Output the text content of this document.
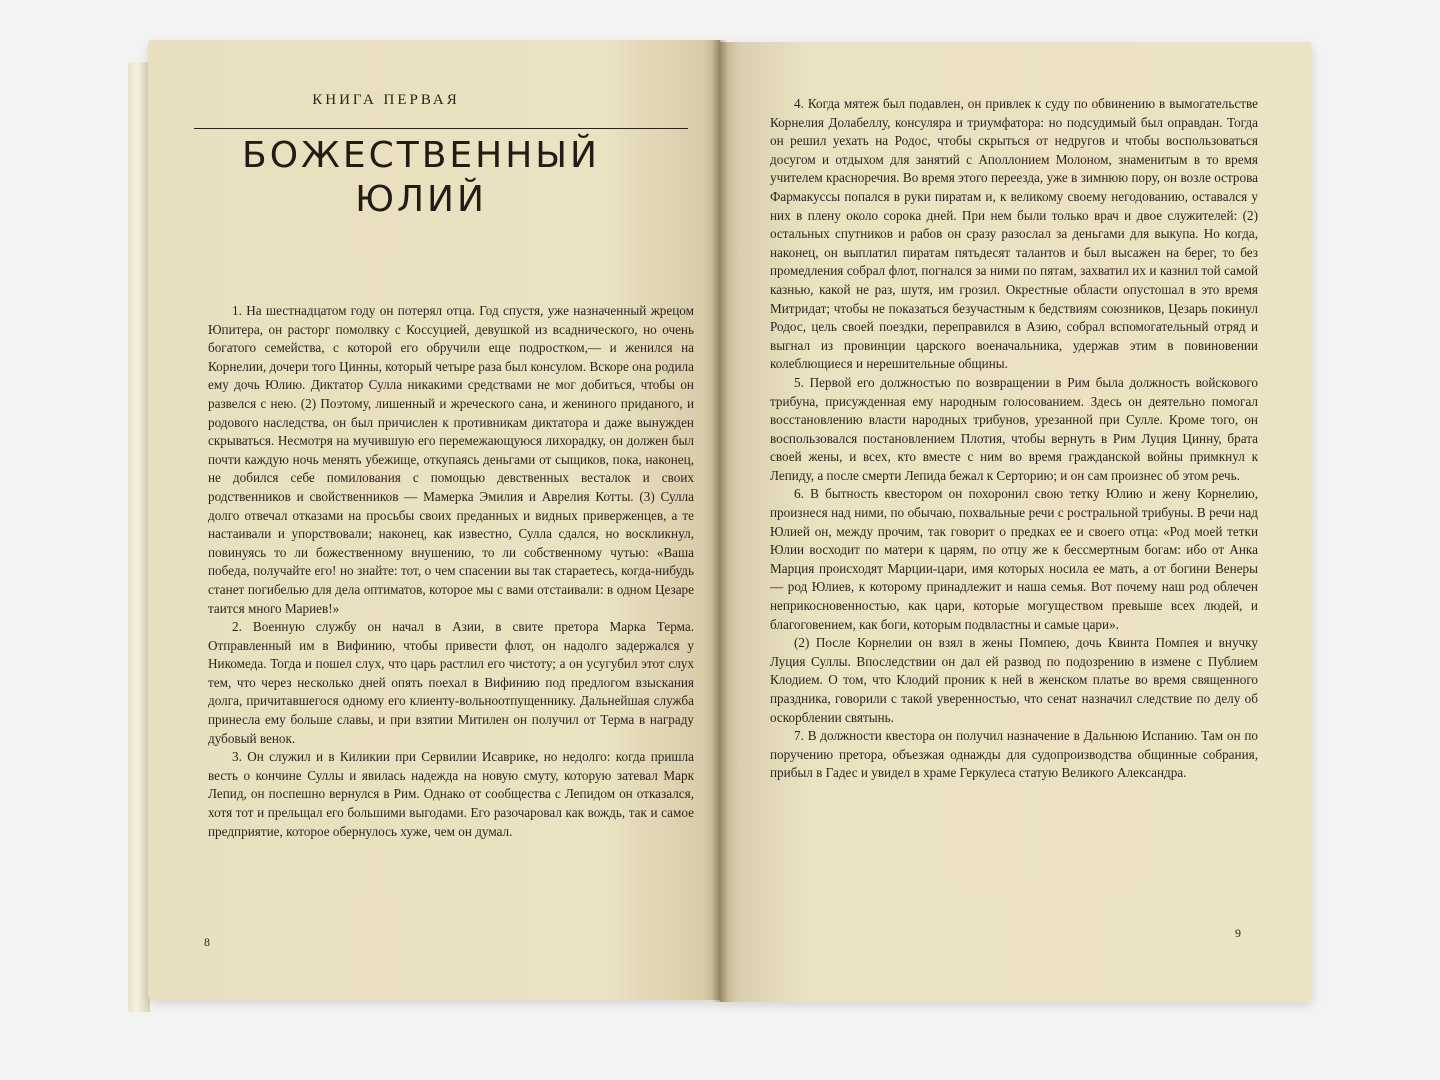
КНИГА ПЕРВАЯ
БОЖЕСТВЕННЫЙ
ЮЛИЙ

1. На шестнадцатом году он потерял отца. Год спустя, уже назначенный жрецом Юпитера, он расторг помолвку с Коссуцией, девушкой из всаднического, но очень богатого семейства, с которой его обручили еще подростком,— и женился на Корнелии, дочери того Цинны, который четыре раза был консулом. Вскоре она родила ему дочь Юлию. Диктатор Сулла никакими средствами не мог добиться, чтобы он развелся с нею. (2) Поэтому, лишенный и жреческого сана, и жениного приданого, и родового наследства, он был причислен к противникам диктатора и даже вынужден скрываться. Несмотря на мучившую его перемежающуюся лихорадку, он должен был почти каждую ночь менять убежище, откупаясь деньгами от сыщиков, пока, наконец, не добился себе помилования с помощью девственных весталок и своих родственников и свойственников — Мамерка Эмилия и Аврелия Котты. (3) Сулла долго отвечал отказами на просьбы своих преданных и видных приверженцев, а те настаивали и упорствовали; наконец, как известно, Сулла сдался, но воскликнул, повинуясь то ли божественному внушению, то ли собственному чутью: «Ваша победа, получайте его! но знайте: тот, о чем спасении вы так стараетесь, когда-нибудь станет погибелью для дела оптиматов, которое мы с вами отстаивали: в одном Цезаре таится много Мариев!»

2. Военную службу он начал в Азии, в свите претора Марка Терма. Отправленный им в Вифинию, чтобы привести флот, он надолго задержался у Никомеда. Тогда и пошел слух, что царь растлил его чистоту; а он усугубил этот слух тем, что через несколько дней опять поехал в Вифинию под предлогом взыскания долга, причитавшегося одному его клиенту-вольноотпущеннику. Дальнейшая служба принесла ему больше славы, и при взятии Митилен он получил от Терма в награду дубовый венок.

3. Он служил и в Киликии при Сервилии Исаврике, но недолго: когда пришла весть о кончине Суллы и явилась надежда на новую смуту, которую затевал Марк Лепид, он поспешно вернулся в Рим. Однако от сообщества с Лепидом он отказался, хотя тот и прельщал его большими выгодами. Его разочаровал как вождь, так и самое предприятие, которое обернулось хуже, чем он думал.

8

4. Когда мятеж был подавлен, он привлек к суду по обвинению в вымогательстве Корнелия Долабеллу, консуляра и триумфатора: но подсудимый был оправдан. Тогда он решил уехать на Родос, чтобы скрыться от недругов и чтобы воспользоваться досугом и отдыхом для занятий с Аполлонием Молоном, знаменитым в то время учителем красноречия. Во время этого переезда, уже в зимнюю пору, он возле острова Фармакуссы попался в руки пиратам и, к великому своему негодованию, оставался у них в плену около сорока дней. При нем были только врач и двое служителей: (2) остальных спутников и рабов он сразу разослал за деньгами для выкупа. Но когда, наконец, он выплатил пиратам пятьдесят талантов и был высажен на берег, то без промедления собрал флот, погнался за ними по пятам, захватил их и казнил той самой казнью, какой не раз, шутя, им грозил. Окрестные области опустошал в это время Митридат; чтобы не показаться безучастным к бедствиям союзников, Цезарь покинул Родос, цель своей поездки, переправился в Азию, собрал вспомогательный отряд и выгнал из провинции царского военачальника, удержав этим в повиновении колеблющиеся и нерешительные общины.

5. Первой его должностью по возвращении в Рим была должность войскового трибуна, присужденная ему народным голосованием. Здесь он деятельно помогал восстановлению власти народных трибунов, урезанной при Сулле. Кроме того, он воспользовался постановлением Плотия, чтобы вернуть в Рим Луция Цинну, брата своей жены, и всех, кто вместе с ним во время гражданской войны примкнул к Лепиду, а после смерти Лепида бежал к Серторию; и он сам произнес об этом речь.

6. В бытность квестором он похоронил свою тетку Юлию и жену Корнелию, произнеся над ними, по обычаю, похвальные речи с ростральной трибуны. В речи над Юлией он, между прочим, так говорит о предках ее и своего отца: «Род моей тетки Юлии восходит по матери к царям, по отцу же к бессмертным богам: ибо от Анка Марция происходят Марции-цари, имя которых носила ее мать, а от богини Венеры — род Юлиев, к которому принадлежит и наша семья. Вот почему наш род облечен неприкосновенностью, как цари, которые могуществом превыше всех людей, и благоговением, как боги, которым подвластны и самые цари».

(2) После Корнелии он взял в жены Помпею, дочь Квинта Помпея и внучку Луция Суллы. Впоследствии он дал ей развод по подозрению в измене с Публием Клодием. О том, что Клодий проник к ней в женском платье во время священного праздника, говорили с такой уверенностью, что сенат назначил следствие по делу об оскорблении святынь.

7. В должности квестора он получил назначение в Дальнюю Испанию. Там он по поручению претора, объезжая однажды для судопроизводства общинные собрания, прибыл в Гадес и увидел в храме Геркулеса статую Великого Александра.

9
